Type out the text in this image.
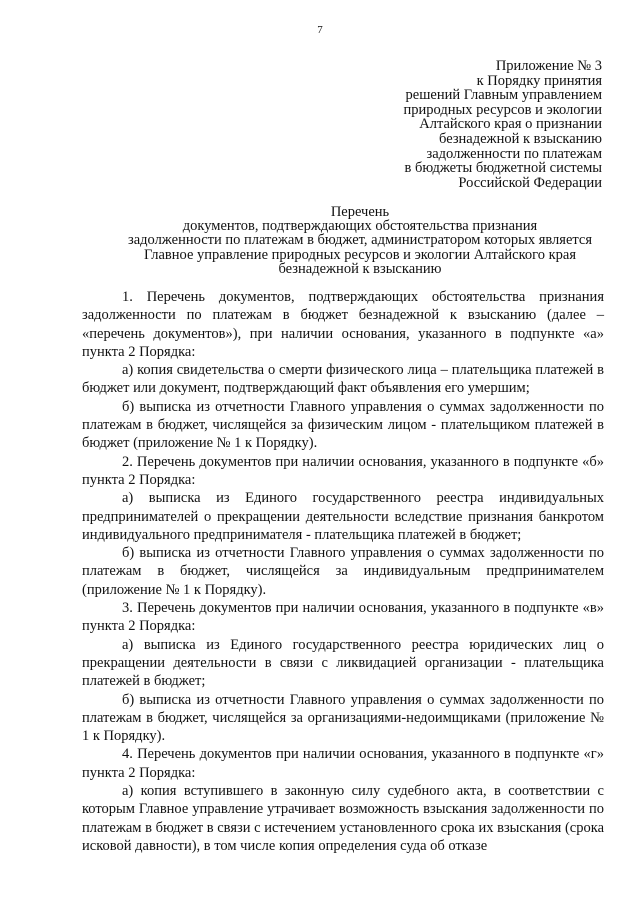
7
Приложение № 3
к Порядку принятия
решений Главным управлением
природных ресурсов и экологии
Алтайского края о признании
безнадежной к взысканию
задолженности по платежам
в бюджеты бюджетной системы
Российской Федерации
Перечень
документов, подтверждающих обстоятельства признания
задолженности по платежам в бюджет, администратором которых является
Главное управление природных ресурсов и экологии Алтайского края
безнадежной к взысканию

1. Перечень документов, подтверждающих обстоятельства признания задолженности по платежам в бюджет безнадежной к взысканию (далее – «перечень документов»), при наличии основания, указанного в подпункте «а» пункта 2 Порядка:

а) копия свидетельства о смерти физического лица – плательщика платежей в бюджет или документ, подтверждающий факт объявления его умершим;

б) выписка из отчетности Главного управления о суммах задолженности по платежам в бюджет, числящейся за физическим лицом - плательщиком платежей в бюджет (приложение № 1 к Порядку).

2. Перечень документов при наличии основания, указанного в подпункте «б» пункта 2 Порядка:

а) выписка из Единого государственного реестра индивидуальных предпринимателей о прекращении деятельности вследствие признания банкротом индивидуального предпринимателя - плательщика платежей в бюджет;

б) выписка из отчетности Главного управления о суммах задолженности по платежам в бюджет, числящейся за индивидуальным предпринимателем (приложение № 1 к Порядку).

3. Перечень документов при наличии основания, указанного в подпункте «в» пункта 2 Порядка:

а) выписка из Единого государственного реестра юридических лиц о прекращении деятельности в связи с ликвидацией организации - плательщика платежей в бюджет;

б) выписка из отчетности Главного управления о суммах задолженности по платежам в бюджет, числящейся за организациями-недоимщиками (приложение № 1 к Порядку).

4. Перечень документов при наличии основания, указанного в подпункте «г» пункта 2 Порядка:

а) копия вступившего в законную силу судебного акта, в соответствии с которым Главное управление утрачивает возможность взыскания задолженности по платежам в бюджет в связи с истечением установленного срока их взыскания (срока исковой давности), в том числе копия определения суда об отказе
